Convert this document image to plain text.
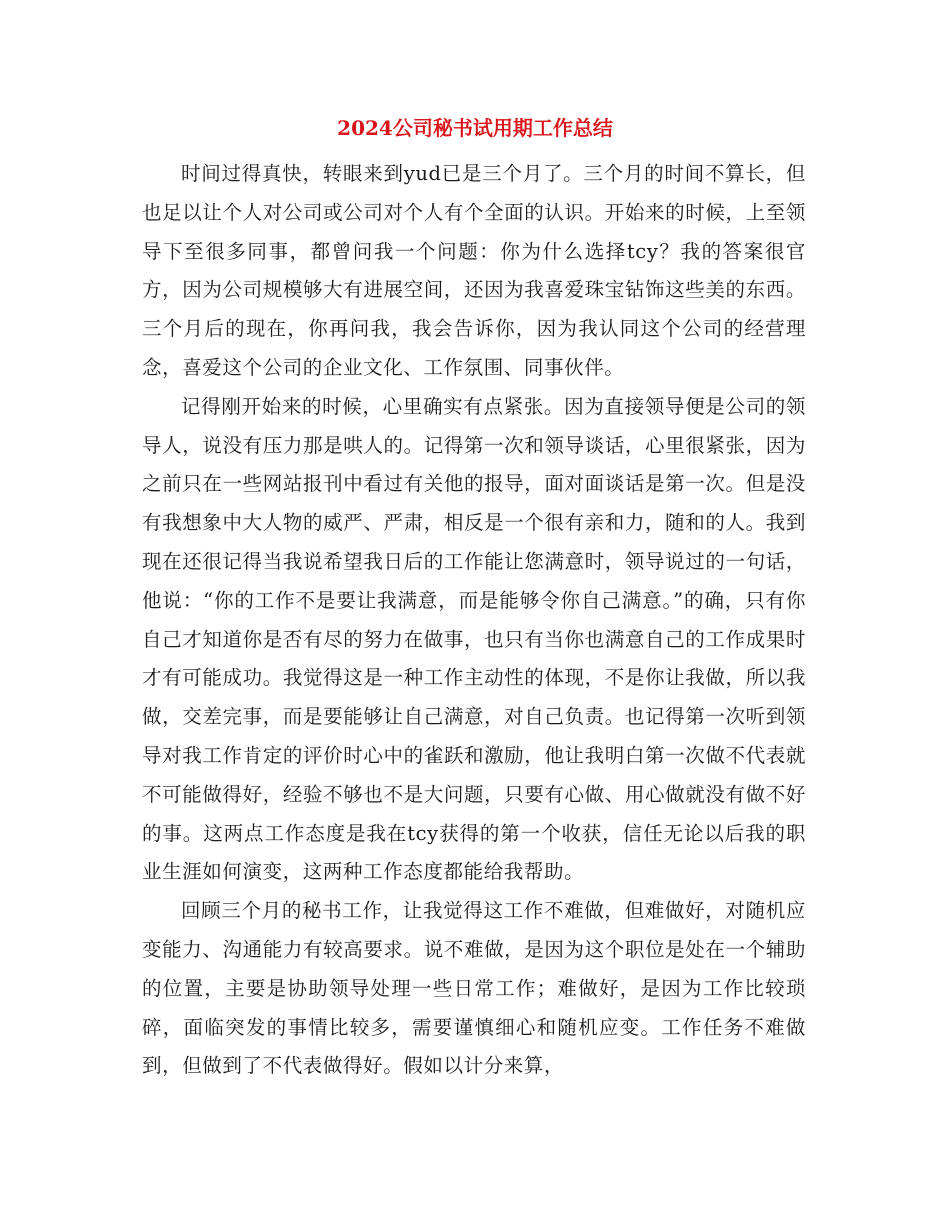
2024公司秘书试用期工作总结

时间过得真快，转眼来到yud已是三个月了。三个月的时间不算长，但也足以让个人对公司或公司对个人有个全面的认识。开始来的时候，上至领导下至很多同事，都曾问我一个问题：你为什么选择tcy？我的答案很官方，因为公司规模够大有进展空间，还因为我喜爱珠宝钻饰这些美的东西。三个月后的现在，你再问我，我会告诉你，因为我认同这个公司的经营理念，喜爱这个公司的企业文化、工作氛围、同事伙伴。

记得刚开始来的时候，心里确实有点紧张。因为直接领导便是公司的领导人，说没有压力那是哄人的。记得第一次和领导谈话，心里很紧张，因为之前只在一些网站报刊中看过有关他的报导，面对面谈话是第一次。但是没有我想象中大人物的威严、严肃，相反是一个很有亲和力，随和的人。我到现在还很记得当我说希望我日后的工作能让您满意时，领导说过的一句话，他说：“你的工作不是要让我满意，而是能够令你自己满意。”的确，只有你自己才知道你是否有尽的努力在做事，也只有当你也满意自己的工作成果时才有可能成功。我觉得这是一种工作主动性的体现，不是你让我做，所以我做，交差完事，而是要能够让自己满意，对自己负责。也记得第一次听到领导对我工作肯定的评价时心中的雀跃和激励，他让我明白第一次做不代表就不可能做得好，经验不够也不是大问题，只要有心做、用心做就没有做不好的事。这两点工作态度是我在tcy获得的第一个收获，信任无论以后我的职业生涯如何演变，这两种工作态度都能给我帮助。

回顾三个月的秘书工作，让我觉得这工作不难做，但难做好，对随机应变能力、沟通能力有较高要求。说不难做，是因为这个职位是处在一个辅助的位置，主要是协助领导处理一些日常工作；难做好，是因为工作比较琐碎，面临突发的事情比较多，需要谨慎细心和随机应变。工作任务不难做到，但做到了不代表做得好。假如以计分来算，
